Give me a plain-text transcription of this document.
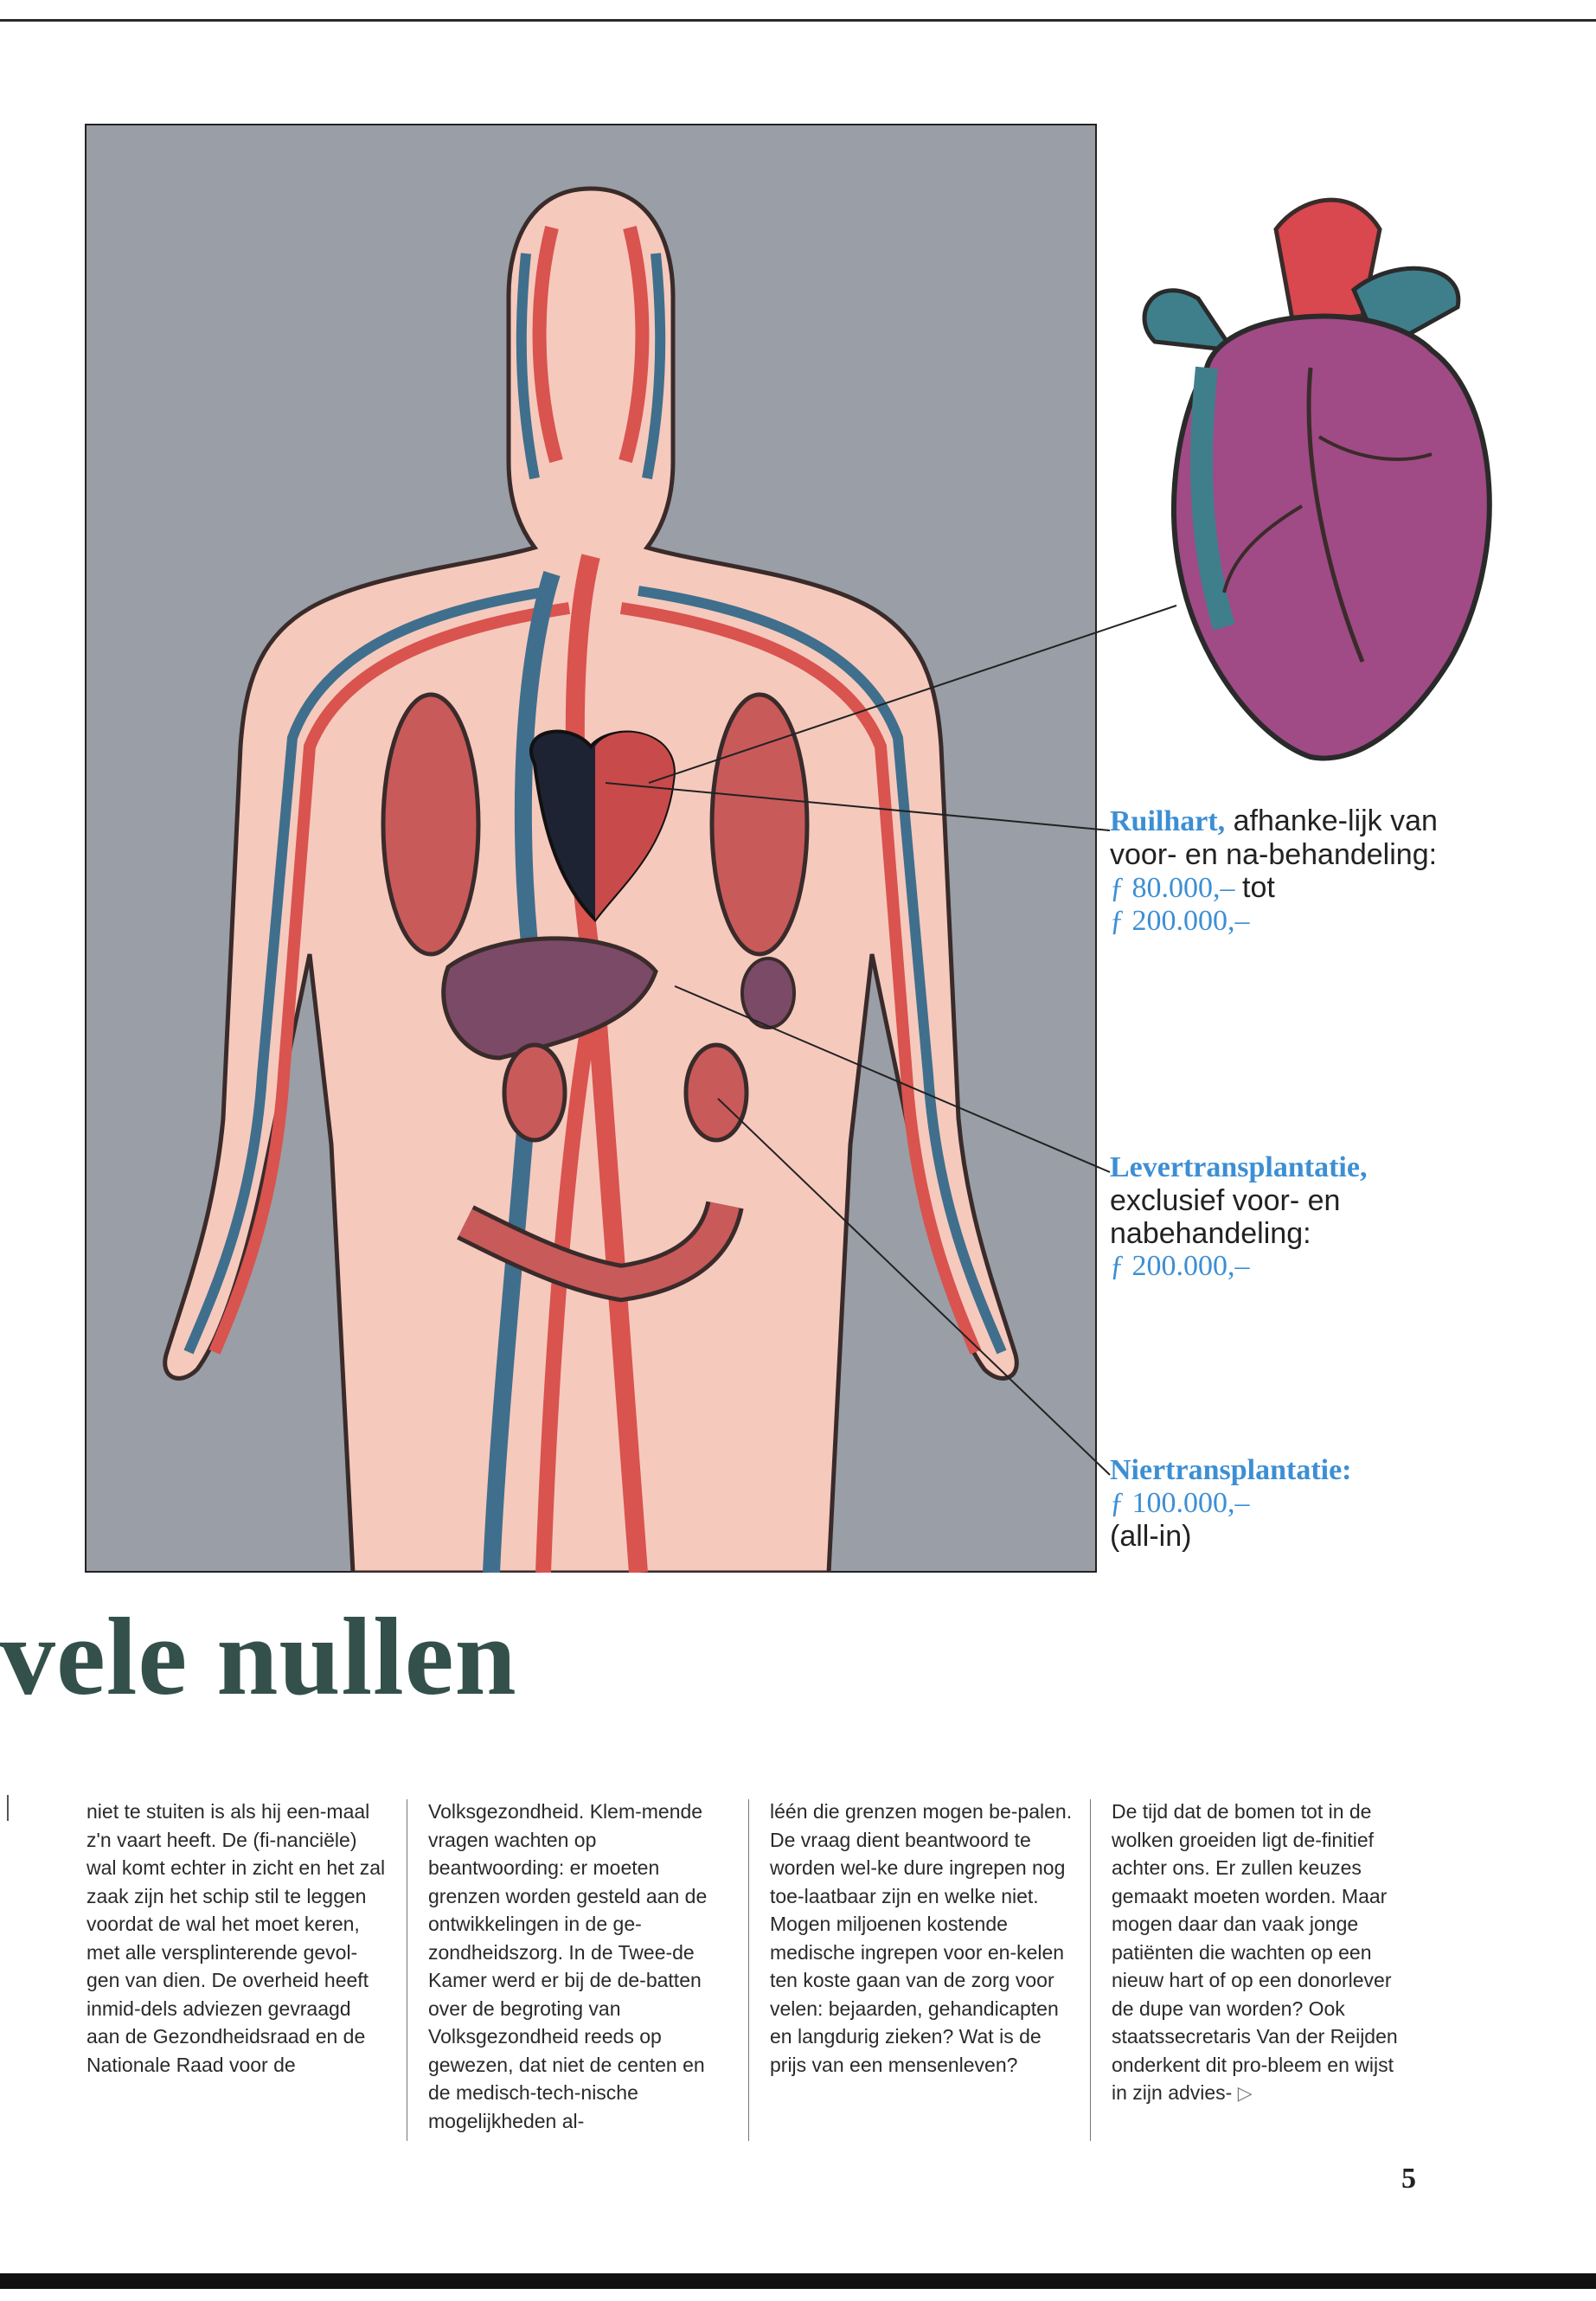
Ruilhart, afhanke-lijk van voor- en na-behandeling:
ƒ 80.000,– tot
ƒ 200.000,–
Levertransplantatie, exclusief voor- en nabehandeling:
ƒ 200.000,–
Niertransplantatie:
ƒ 100.000,–
(all-in)
vele nullen
niet te stuiten is als hij een-maal z'n vaart heeft. De (fi-nanciële) wal komt echter in zicht en het zal zaak zijn het schip stil te leggen voordat de wal het moet keren, met alle versplinterende gevol-gen van dien. De overheid heeft inmid-dels adviezen gevraagd aan de Gezondheidsraad en de Nationale Raad voor de
Volksgezondheid. Klem-mende vragen wachten op beantwoording: er moeten grenzen worden gesteld aan de ontwikkelingen in de ge-zondheidszorg. In de Twee-de Kamer werd er bij de de-batten over de begroting van Volksgezondheid reeds op gewezen, dat niet de centen en de medisch-tech-nische mogelijkheden al-
léén die grenzen mogen be-palen. De vraag dient beantwoord te worden wel-ke dure ingrepen nog toe-laatbaar zijn en welke niet. Mogen miljoenen kostende medische ingrepen voor en-kelen ten koste gaan van de zorg voor velen: bejaarden, gehandicapten en langdurig zieken? Wat is de prijs van een mensenleven?
De tijd dat de bomen tot in de wolken groeiden ligt de-finitief achter ons. Er zullen keuzes gemaakt moeten worden. Maar mogen daar dan vaak jonge patiënten die wachten op een nieuw hart of op een donorlever de dupe van worden? Ook staatssecretaris Van der Reijden onderkent dit pro-bleem en wijst in zijn advies- ▷
5
